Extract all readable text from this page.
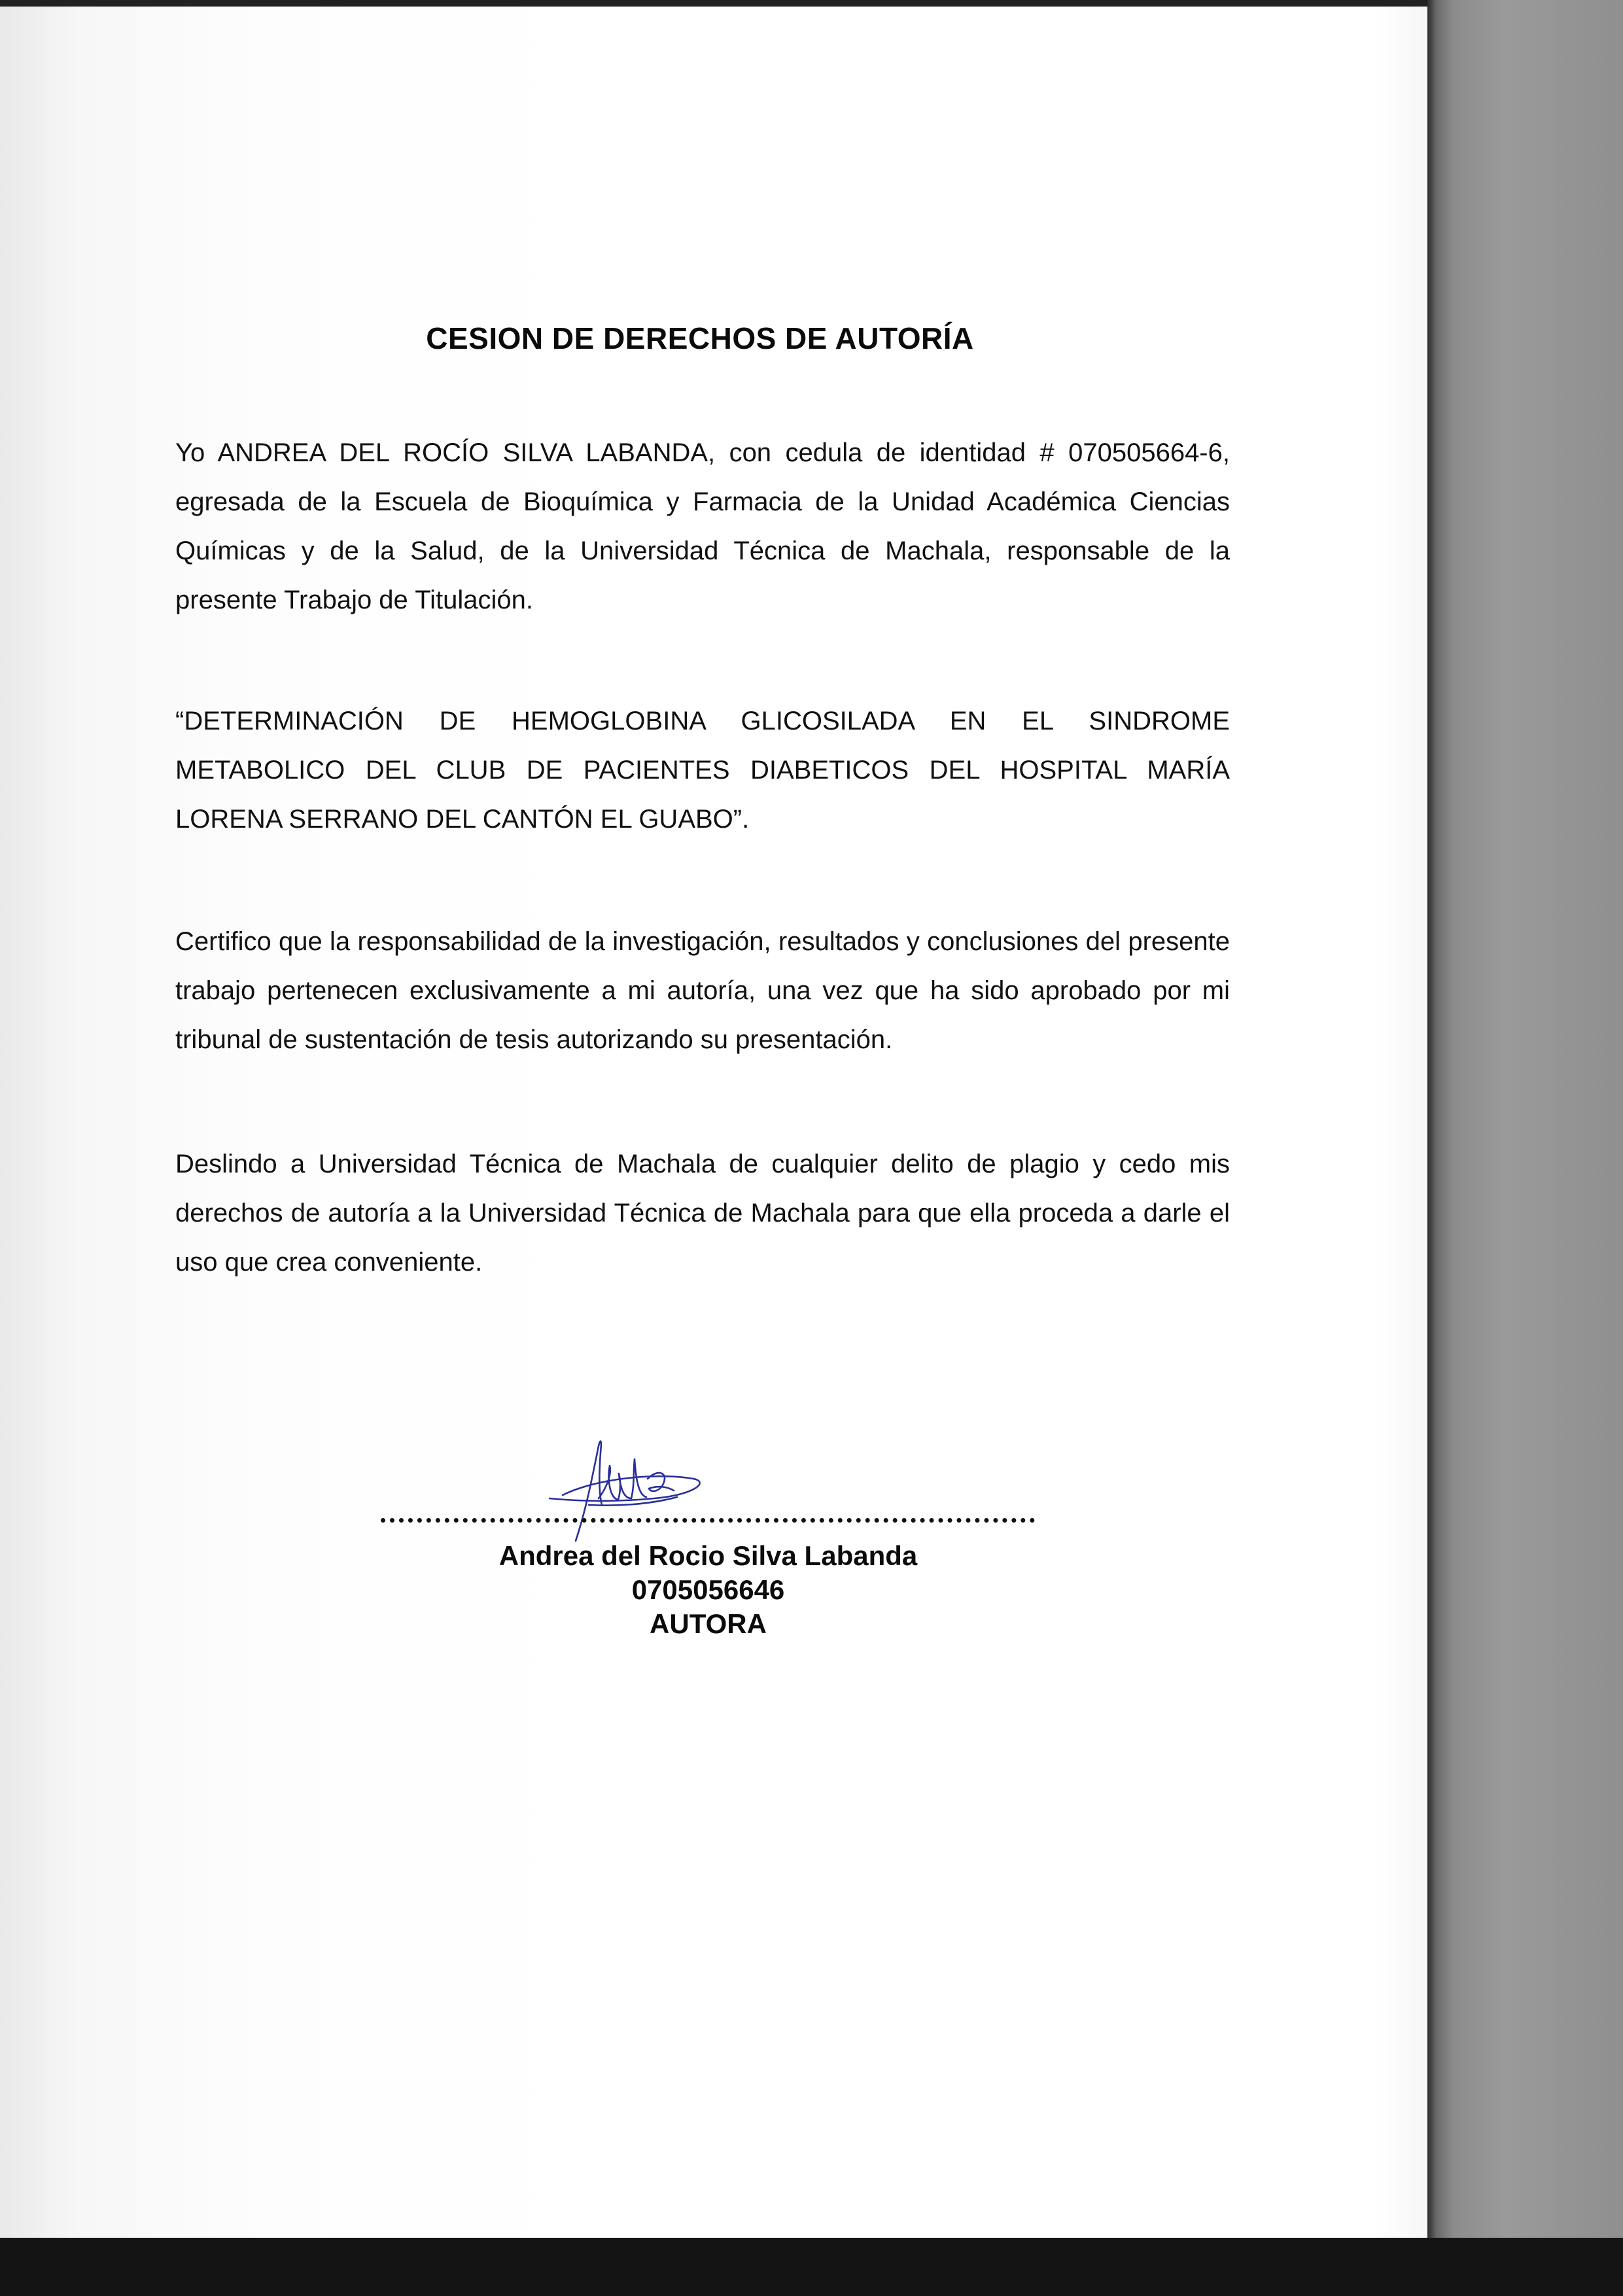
CESION DE DERECHOS DE AUTORÍA
Yo ANDREA DEL ROCÍO SILVA LABANDA, con cedula de identidad # 070505664-6, egresada de la Escuela de Bioquímica y Farmacia de la Unidad Académica Ciencias Químicas y de la Salud, de la Universidad Técnica de Machala, responsable de la presente Trabajo de Titulación.
“DETERMINACIÓN DE HEMOGLOBINA GLICOSILADA EN EL SINDROME METABOLICO DEL CLUB DE PACIENTES DIABETICOS DEL HOSPITAL MARÍA LORENA SERRANO DEL CANTÓN EL GUABO”.
Certifico que la responsabilidad de la investigación, resultados y conclusiones del presente trabajo pertenecen exclusivamente a mi autoría, una vez que ha sido aprobado por mi tribunal de sustentación de tesis autorizando su presentación.
Deslindo a Universidad Técnica de Machala de cualquier delito de plagio y cedo mis derechos de autoría a la Universidad Técnica de Machala para que ella proceda a darle el uso que crea conveniente.
Andrea del Rocio Silva Labanda
0705056646
AUTORA
